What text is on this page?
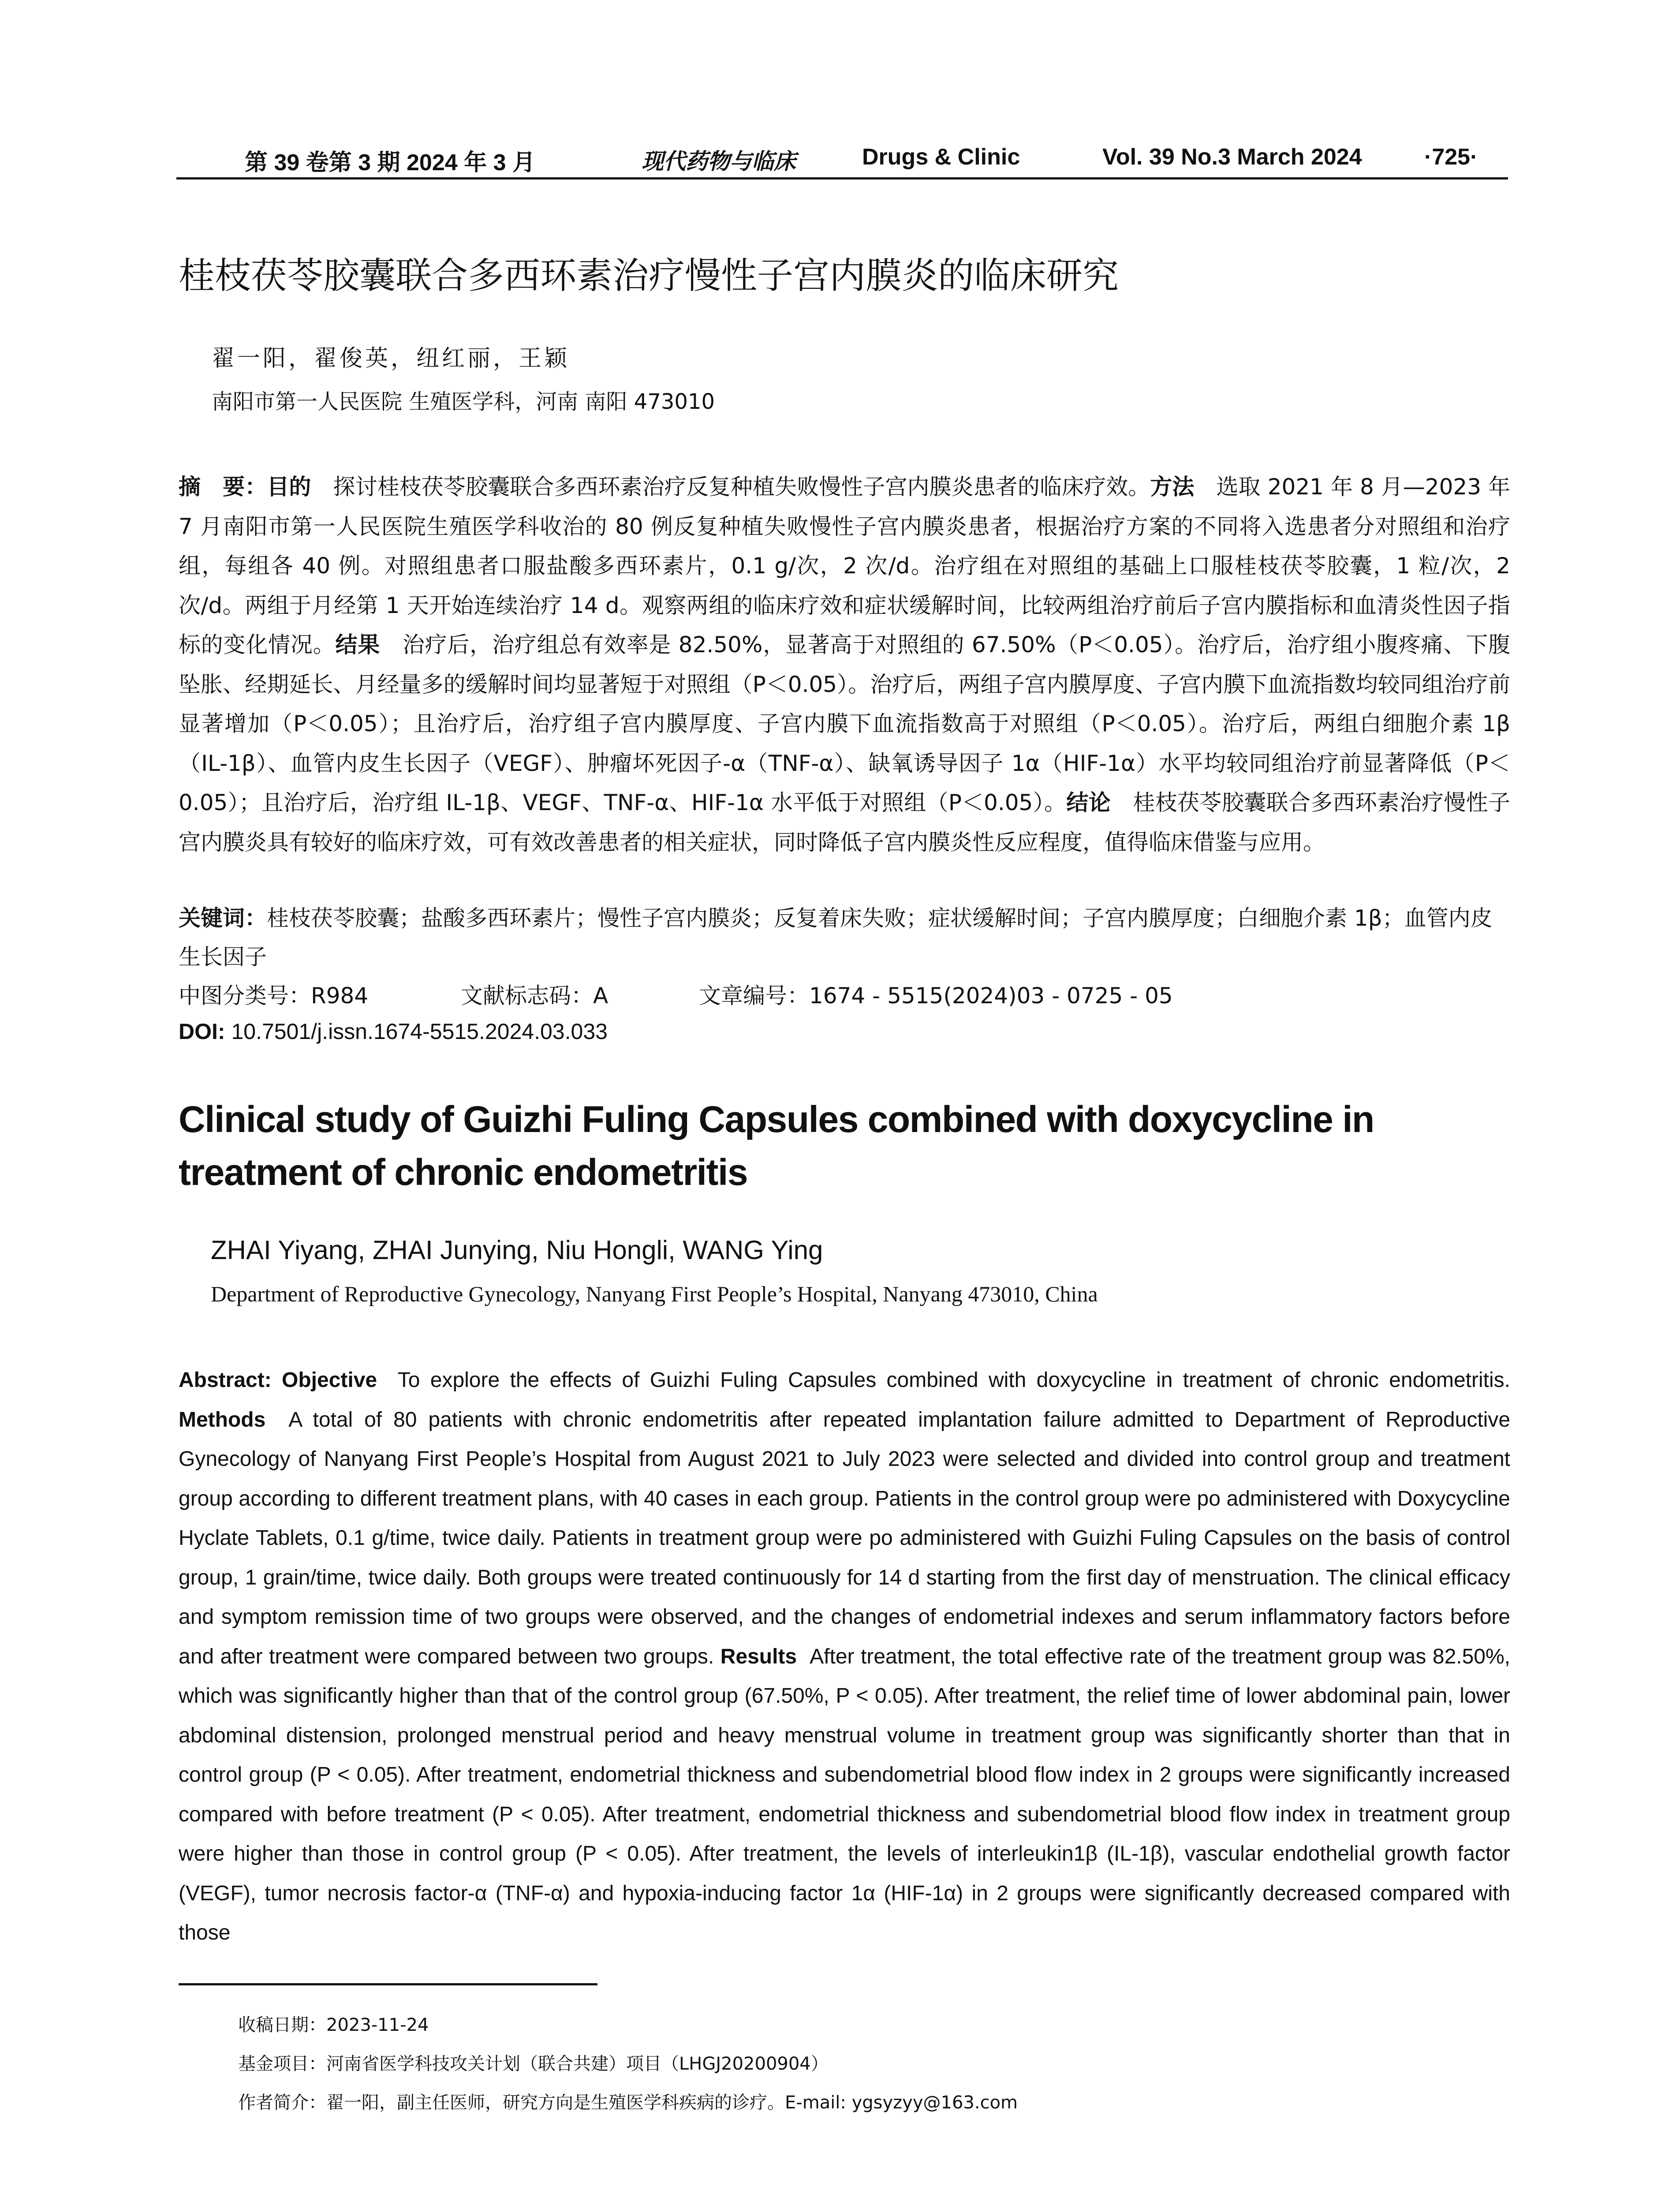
第 39 卷第 3 期 2024 年 3 月	现代药物与临床	Drugs & Clinic	Vol. 39 No.3 March 2024	·725·
桂枝茯苓胶囊联合多西环素治疗慢性子宫内膜炎的临床研究
翟一阳，翟俊英，纽红丽，王颖
南阳市第一人民医院 生殖医学科，河南 南阳 473010
摘　要：目的　 探讨桂枝茯苓胶囊联合多西环素治疗反复种植失败慢性子宫内膜炎患者的临床疗效。方法　 选取 2021 年 8 月—2023 年 7 月南阳市第一人民医院生殖医学科收治的 80 例反复种植失败慢性子宫内膜炎患者，根据治疗方案的不同将入选患者分对照组和治疗组，每组各 40 例。对照组患者口服盐酸多西环素片，0.1 g/次，2 次/d。治疗组在对照组的基础上口服桂枝茯苓胶囊，1 粒/次，2 次/d。两组于月经第 1 天开始连续治疗 14 d。观察两组的临床疗效和症状缓解时间，比较两组治疗前后子宫内膜指标和血清炎性因子指标的变化情况。结果　 治疗后，治疗组总有效率是 82.50%，显著高于对照组的 67.50%（P＜0.05）。治疗后，治疗组小腹疼痛、下腹坠胀、经期延长、月经量多的缓解时间均显著短于对照组（P＜0.05）。治疗后，两组子宫内膜厚度、子宫内膜下血流指数均较同组治疗前显著增加（P＜0.05）；且治疗后，治疗组子宫内膜厚度、子宫内膜下血流指数高于对照组（P＜0.05）。治疗后，两组白细胞介素 1β（IL-1β）、血管内皮生长因子（VEGF）、肿瘤坏死因子-α（TNF-α）、缺氧诱导因子 1α（HIF-1α）水平均较同组治疗前显著降低（P＜0.05）；且治疗后，治疗组 IL-1β、VEGF、TNF-α、HIF-1α 水平低于对照组（P＜0.05）。结论　 桂枝茯苓胶囊联合多西环素治疗慢性子宫内膜炎具有较好的临床疗效，可有效改善患者的相关症状，同时降低子宫内膜炎性反应程度，值得临床借鉴与应用。
关键词：桂枝茯苓胶囊；盐酸多西环素片；慢性子宫内膜炎；反复着床失败；症状缓解时间；子宫内膜厚度；白细胞介素 1β；血管内皮生长因子
中图分类号：R984	文献标志码：A	文章编号：1674 - 5515(2024)03 - 0725 - 05
DOI: 10.7501/j.issn.1674-5515.2024.03.033
Clinical study of Guizhi Fuling Capsules combined with doxycycline in treatment of chronic endometritis
ZHAI Yiyang, ZHAI Junying, Niu Hongli, WANG Ying
Department of Reproductive Gynecology, Nanyang First People’s Hospital, Nanyang 473010, China
Abstract: Objective To explore the effects of Guizhi Fuling Capsules combined with doxycycline in treatment of chronic endometritis. Methods A total of 80 patients with chronic endometritis after repeated implantation failure admitted to Department of Reproductive Gynecology of Nanyang First People’s Hospital from August 2021 to July 2023 were selected and divided into control group and treatment group according to different treatment plans, with 40 cases in each group. Patients in the control group were po administered with Doxycycline Hyclate Tablets, 0.1 g/time, twice daily. Patients in treatment group were po administered with Guizhi Fuling Capsules on the basis of control group, 1 grain/time, twice daily. Both groups were treated continuously for 14 d starting from the first day of menstruation. The clinical efficacy and symptom remission time of two groups were observed, and the changes of endometrial indexes and serum inflammatory factors before and after treatment were compared between two groups. Results After treatment, the total effective rate of the treatment group was 82.50%, which was significantly higher than that of the control group (67.50%, P < 0.05). After treatment, the relief time of lower abdominal pain, lower abdominal distension, prolonged menstrual period and heavy menstrual volume in treatment group was significantly shorter than that in control group (P < 0.05). After treatment, endometrial thickness and subendometrial blood flow index in 2 groups were significantly increased compared with before treatment (P < 0.05). After treatment, endometrial thickness and subendometrial blood flow index in treatment group were higher than those in control group (P < 0.05). After treatment, the levels of interleukin1β (IL-1β), vascular endothelial growth factor (VEGF), tumor necrosis factor-α (TNF-α) and hypoxia-inducing factor 1α (HIF-1α) in 2 groups were significantly decreased compared with those
收稿日期：2023-11-24
基金项目：河南省医学科技攻关计划（联合共建）项目（LHGJ20200904）
作者简介：翟一阳，副主任医师，研究方向是生殖医学科疾病的诊疗。E-mail: ygsyzyy@163.com
